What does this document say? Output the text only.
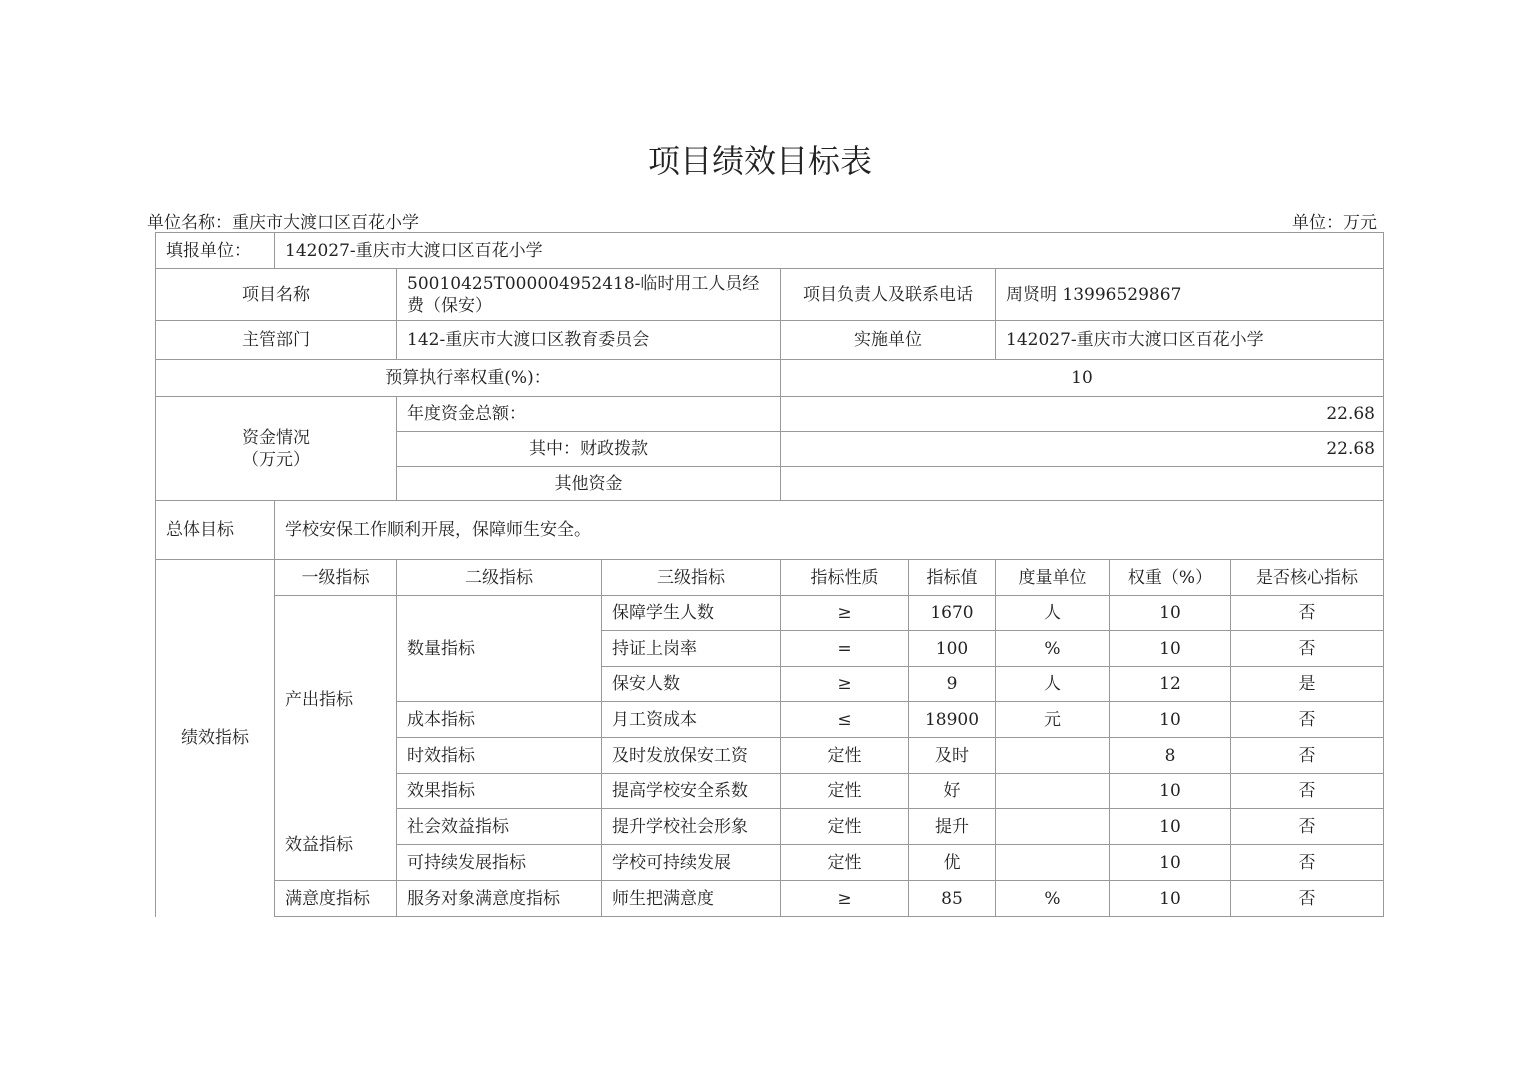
项目绩效目标表
单位名称：重庆市大渡口区百花小学	单位：万元
填报单位：	142027-重庆市大渡口区百花小学							
项目名称		50010425T000004952418-临时用工人员经费（保安）		项目负责人及联系电话		周贤明 13996529867		
主管部门		142-重庆市大渡口区教育委员会		实施单位		142027-重庆市大渡口区百花小学		
预算执行率权重(%)：				10				
资金情况（万元）		年度资金总额：		22.68				
		其中：财政拨款		22.68				
		其他资金						
总体目标	学校安保工作顺利开展，保障师生安全。							
绩效指标	一级指标	二级指标	三级指标	指标性质	指标值	度量单位	权重（%）	是否核心指标
	产出指标	数量指标	保障学生人数	≥	1670	人	10	否
			持证上岗率	=	100	%	10	否
			保安人数	≥	9	人	12	是
		成本指标	月工资成本	≤	18900	元	10	否
		时效指标	及时发放保安工资	定性	及时		8	否
	效益指标	效果指标	提高学校安全系数	定性	好		10	否
		社会效益指标	提升学校社会形象	定性	提升		10	否
		可持续发展指标	学校可持续发展	定性	优		10	否
	满意度指标	服务对象满意度指标	师生把满意度	≥	85	%	10	否
